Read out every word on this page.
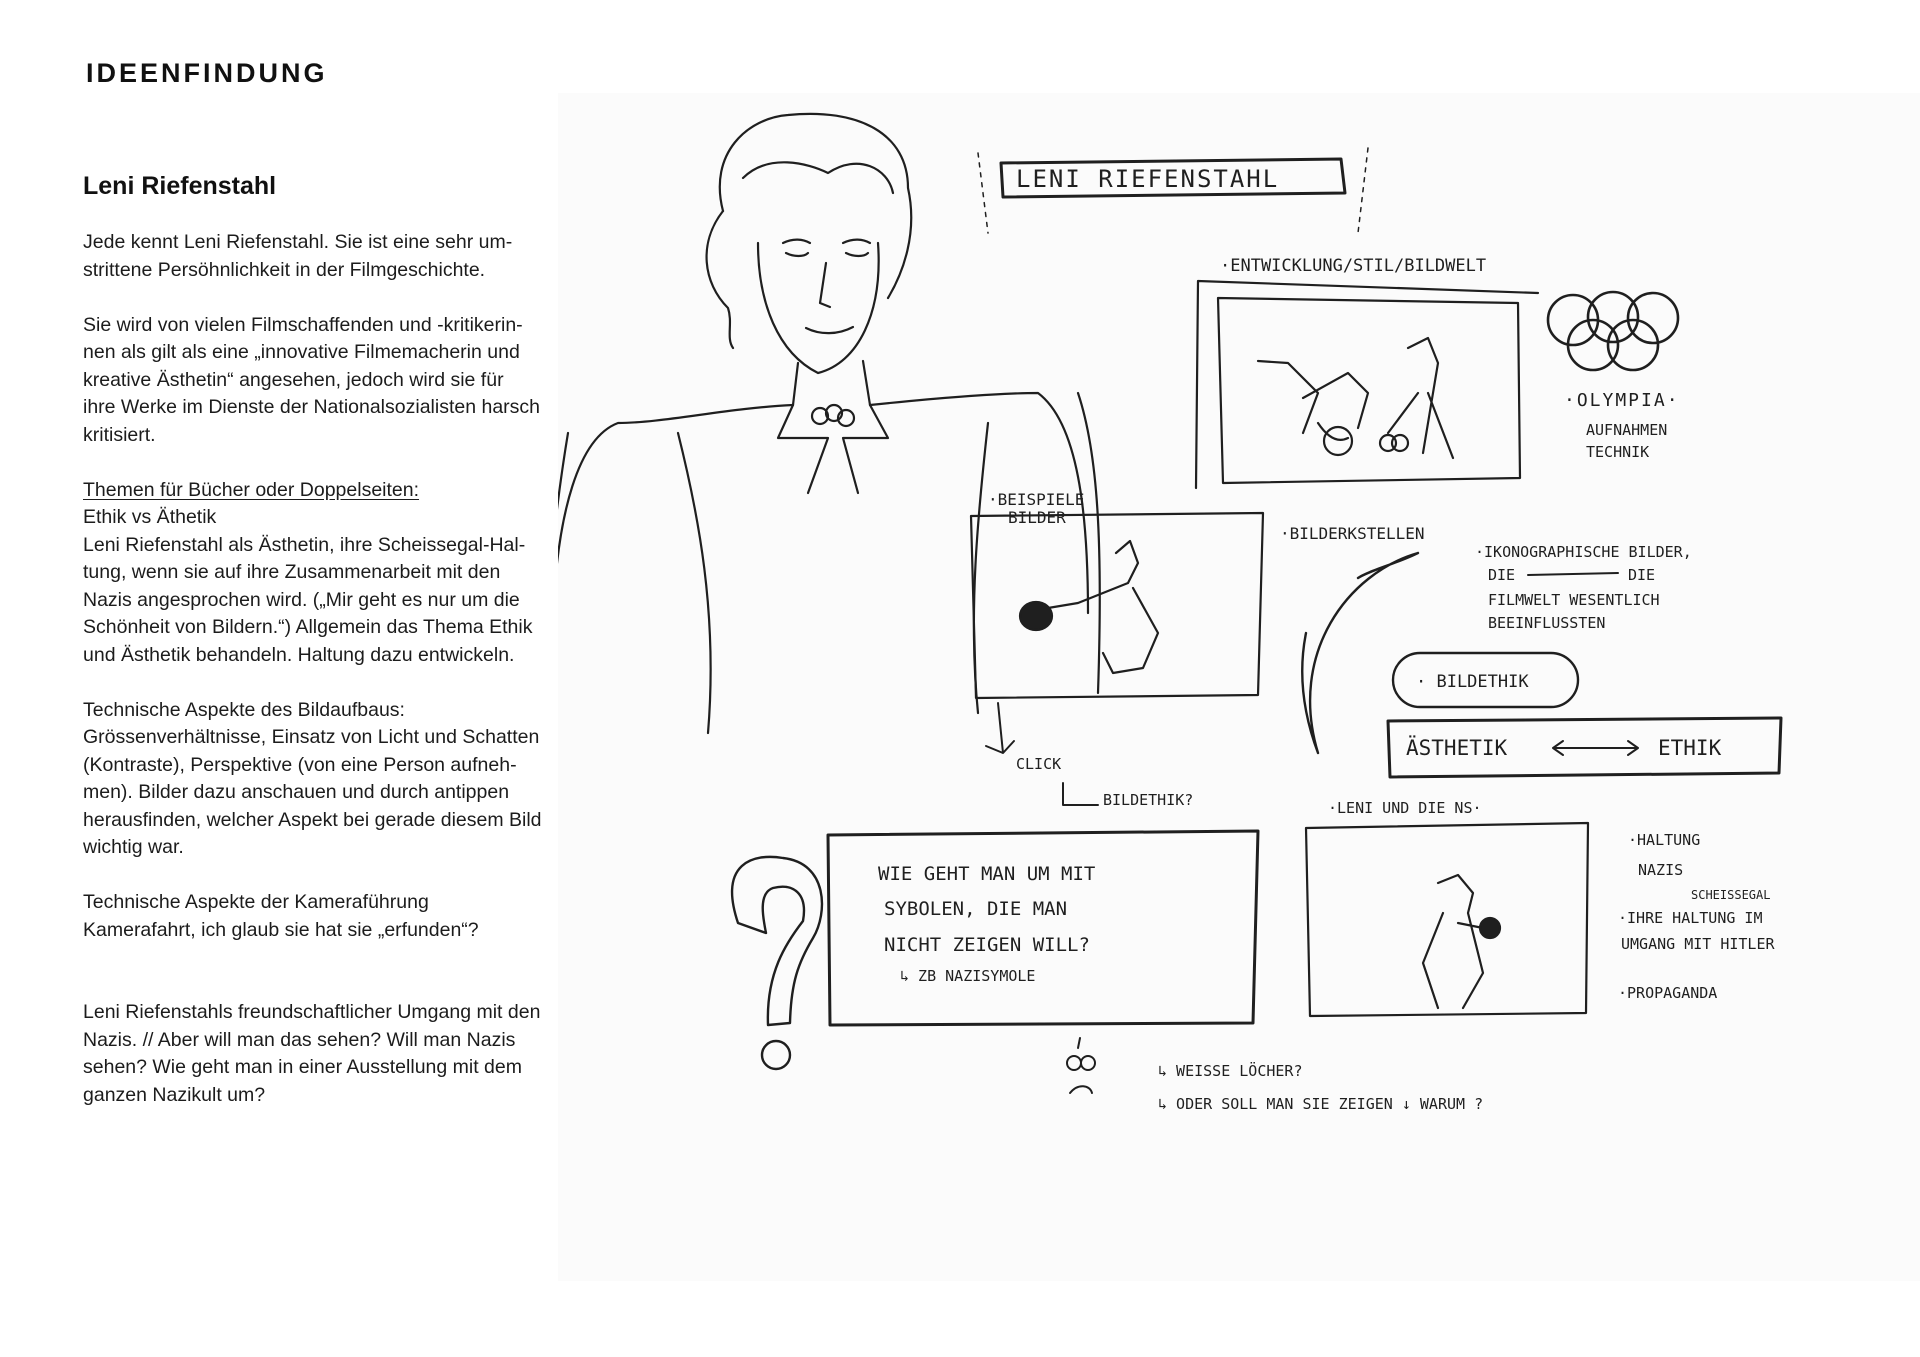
IDEENFINDUNG
Leni Riefenstahl

Jede kennt Leni Riefenstahl. Sie ist eine sehr um-
strittene Persöhnlichkeit in der Filmgeschichte.

Sie wird von vielen Filmschaffenden und -kritikerin-
nen als gilt als eine „innovative Filmemacherin und
kreative Ästhetin“ angesehen, jedoch wird sie für
ihre Werke im Dienste der Nationalsozialisten harsch
kritisiert.

Themen für Bücher oder Doppelseiten:
Ethik vs Äthetik
Leni Riefenstahl als Ästhetin, ihre Scheissegal-Hal-
tung, wenn sie auf ihre Zusammenarbeit mit den
Nazis angesprochen wird. („Mir geht es nur um die
Schönheit von Bildern.“) Allgemein das Thema Ethik
und Ästhetik behandeln. Haltung dazu entwickeln.

Technische Aspekte des Bildaufbaus:
Grössenverhältnisse, Einsatz von Licht und Schatten
(Kontraste), Perspektive (von eine Person aufneh-
men). Bilder dazu anschauen und durch antippen
herausfinden, welcher Aspekt bei gerade diesem Bild
wichtig war.

Technische Aspekte der Kameraführung
Kamerafahrt, ich glaub sie hat sie „erfunden“?

Leni Riefenstahls freundschaftlicher Umgang mit den
Nazis. // Aber will man das sehen? Will man Nazis
sehen? Wie geht man in einer Ausstellung mit dem
ganzen Nazikult um?

LENI RIEFENSTAHL
·ENTWICKLUNG/STIL/BILDWELT
·OLYMPIA·
AUFNAHMEN
TECHNIK
·BEISPIELE
BILDER
·BILDERKSTELLEN
·IKONOGRAPHISCHE BILDER,
DIE	DIE
FILMWELT WESENTLICH
BEEINFLUSSTEN
· BILDETHIK
ÄSTHETIK	ETHIK
CLICK
BILDETHIK?	·LENI UND DIE NS·
·HALTUNG
NAZIS
SCHEISSEGAL
·IHRE HALTUNG IM
UMGANG MIT HITLER
·PROPAGANDA
WIE GEHT MAN UM MIT
SYBOLEN, DIE MAN
NICHT ZEIGEN WILL?
↳ ZB NAZISYMOLE
↳ WEISSE LÖCHER?
↳ ODER SOLL MAN SIE ZEIGEN ↓ WARUM ?
